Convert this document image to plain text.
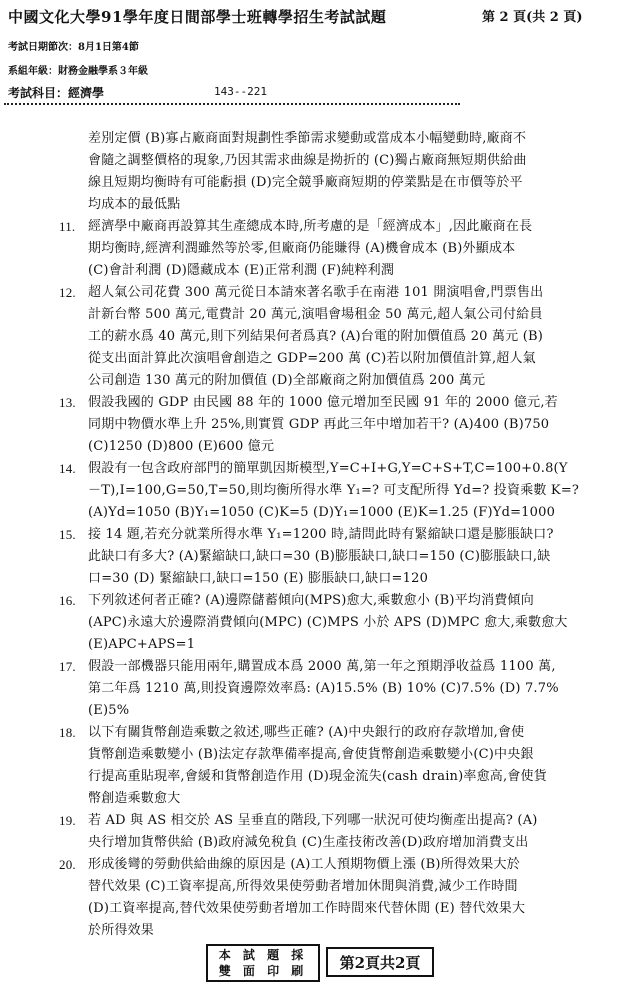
中國文化大學91學年度日間部學士班轉學招生考試試題	第 2 頁(共 2 頁)
考試日期節次：8月1日第4節
系組年級：財務金融學系３年級
考試科目：經濟學	143--221
差別定價 (B)寡占廠商面對規劃性季節需求變動或當成本小幅變動時,廠商不
會隨之調整價格的現象,乃因其需求曲線是拗折的 (C)獨占廠商無短期供給曲
線且短期均衡時有可能虧損 (D)完全競爭廠商短期的停業點是在市價等於平
均成本的最低點
11. 經濟學中廠商再設算其生產總成本時,所考慮的是「經濟成本」,因此廠商在長
期均衡時,經濟利潤雖然等於零,但廠商仍能賺得 (A)機會成本 (B)外顯成本
(C)會計利潤 (D)隱藏成本 (E)正常利潤 (F)純粹利潤
12. 超人氣公司花費 300 萬元從日本請來著名歌手在南港 101 開演唱會,門票售出
計新台幣 500 萬元,電費計 20 萬元,演唱會場租金 50 萬元,超人氣公司付給員
工的薪水爲 40 萬元,則下列結果何者爲真? (A)台電的附加價值爲 20 萬元 (B)
從支出面計算此次演唱會創造之 GDP=200 萬 (C)若以附加價值計算,超人氣
公司創造 130 萬元的附加價值 (D)全部廠商之附加價值爲 200 萬元
13. 假設我國的 GDP 由民國 88 年的 1000 億元增加至民國 91 年的 2000 億元,若
同期中物價水準上升 25%,則實質 GDP 再此三年中增加若干? (A)400 (B)750
(C)1250 (D)800 (E)600 億元
14. 假設有一包含政府部門的簡單凱因斯模型,Y=C+I+G,Y=C+S+T,C=100+0.8(Y
－T),I=100,G=50,T=50,則均衡所得水準 Y₁=? 可支配所得 Yd=? 投資乘數 K=?
(A)Yd=1050 (B)Y₁=1050 (C)K=5 (D)Y₁=1000 (E)K=1.25 (F)Yd=1000
15. 接 14 題,若充分就業所得水準 Y₁=1200 時,請問此時有緊縮缺口還是膨脹缺口?
此缺口有多大? (A)緊縮缺口,缺口=30 (B)膨脹缺口,缺口=150 (C)膨脹缺口,缺
口=30 (D) 緊縮缺口,缺口=150 (E) 膨脹缺口,缺口=120
16. 下列敘述何者正確? (A)邊際儲蓄傾向(MPS)愈大,乘數愈小 (B)平均消費傾向
(APC)永遠大於邊際消費傾向(MPC) (C)MPS 小於 APS (D)MPC 愈大,乘數愈大
(E)APC+APS=1
17. 假設一部機器只能用兩年,購置成本爲 2000 萬,第一年之預期淨收益爲 1100 萬,
第二年爲 1210 萬,則投資邊際效率爲: (A)15.5% (B) 10% (C)7.5% (D) 7.7%
(E)5%
18. 以下有關貨幣創造乘數之敘述,哪些正確? (A)中央銀行的政府存款增加,會使
貨幣創造乘數變小 (B)法定存款準備率提高,會使貨幣創造乘數變小(C)中央銀
行提高重貼現率,會緩和貨幣創造作用 (D)現金流失(cash drain)率愈高,會使貨
幣創造乘數愈大
19. 若 AD 與 AS 相交於 AS 呈垂直的階段,下列哪一狀況可使均衡產出提高? (A)
央行增加貨幣供給 (B)政府減免稅負 (C)生產技術改善(D)政府增加消費支出
20. 形成後彎的勞動供給曲線的原因是 (A)工人預期物價上漲 (B)所得效果大於
替代效果 (C)工資率提高,所得效果使勞動者增加休閒與消費,減少工作時間
(D)工資率提高,替代效果使勞動者增加工作時間來代替休閒 (E) 替代效果大
於所得效果
本 試 題 採
雙 面 印 刷	第2頁共2頁
